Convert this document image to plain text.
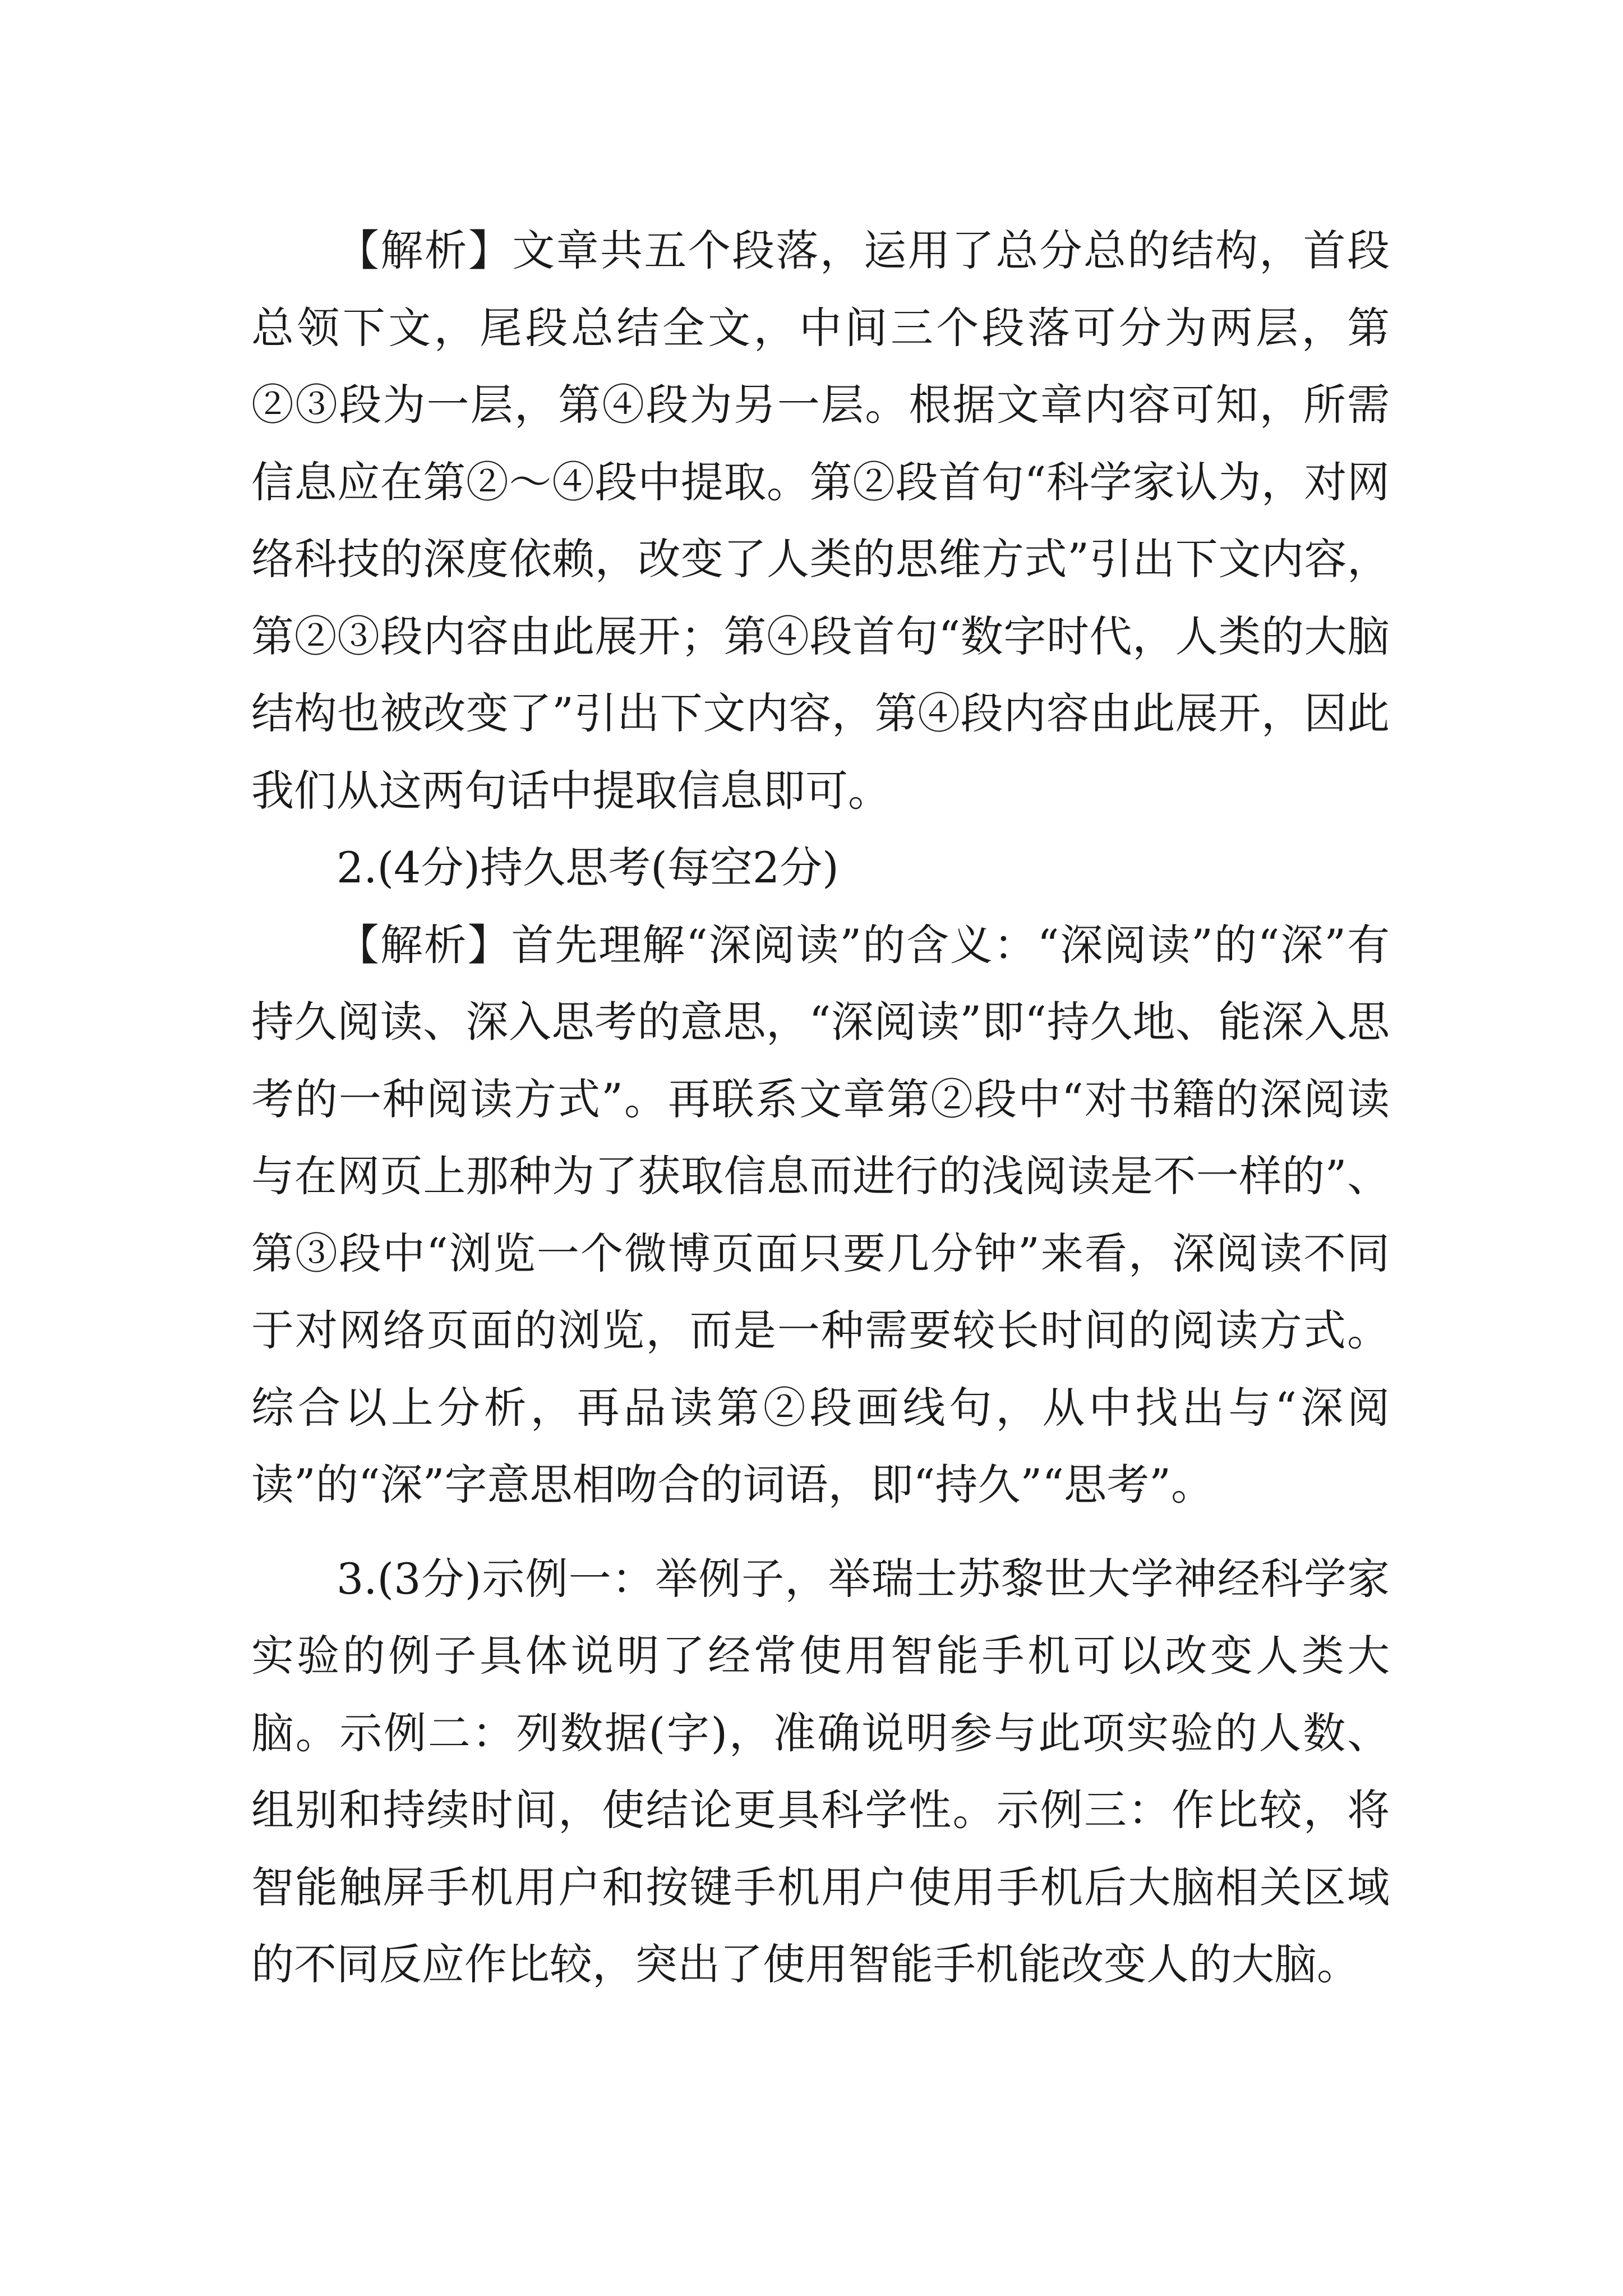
【解析】文章共五个段落，运用了总分总的结构，首段总领下文，尾段总结全文，中间三个段落可分为两层，第②③段为一层，第④段为另一层。根据文章内容可知，所需信息应在第②～④段中提取。第②段首句“科学家认为，对网络科技的深度依赖，改变了人类的思维方式”引出下文内容，第②③段内容由此展开；第④段首句“数字时代，人类的大脑结构也被改变了”引出下文内容，第④段内容由此展开，因此我们从这两句话中提取信息即可。

2.(4分)持久思考(每空2分)

【解析】首先理解“深阅读”的含义：“深阅读”的“深”有持久阅读、深入思考的意思，“深阅读”即“持久地、能深入思考的一种阅读方式”。再联系文章第②段中“对书籍的深阅读与在网页上那种为了获取信息而进行的浅阅读是不一样的”、第③段中“浏览一个微博页面只要几分钟”来看，深阅读不同于对网络页面的浏览，而是一种需要较长时间的阅读方式。综合以上分析，再品读第②段画线句，从中找出与“深阅读”的“深”字意思相吻合的词语，即“持久”“思考”。

3.(3分)示例一：举例子，举瑞士苏黎世大学神经科学家实验的例子具体说明了经常使用智能手机可以改变人类大脑。示例二：列数据(字)，准确说明参与此项实验的人数、组别和持续时间，使结论更具科学性。示例三：作比较，将智能触屏手机用户和按键手机用户使用手机后大脑相关区域的不同反应作比较，突出了使用智能手机能改变人的大脑。
